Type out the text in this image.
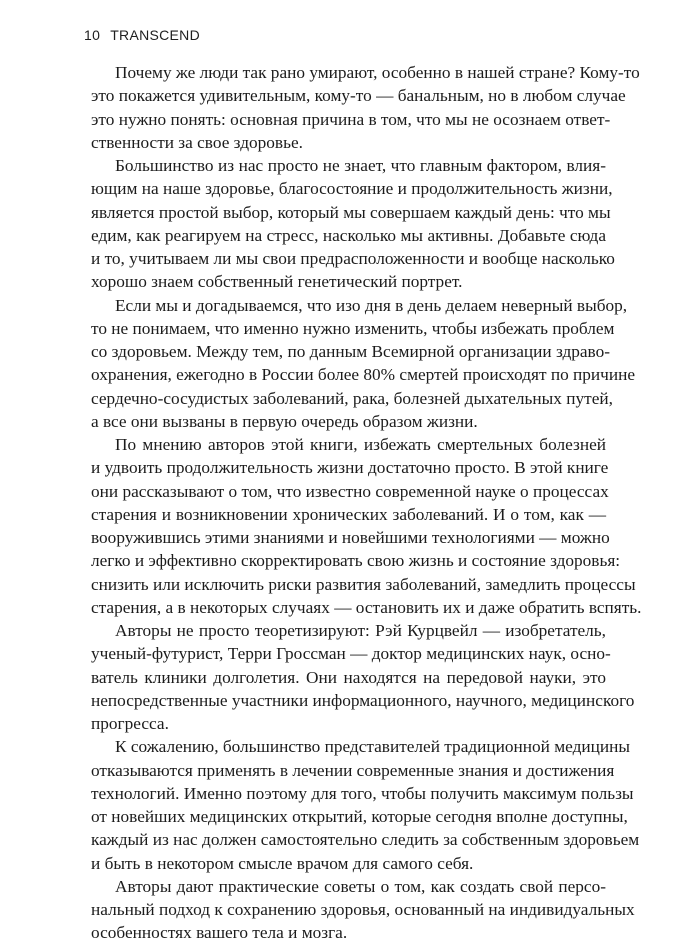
10 TRANSCEND

Почему же люди так рано умирают, особенно в нашей стране? Кому-то
это покажется удивительным, кому-то — банальным, но в любом случае
это нужно понять: основная причина в том, что мы не осознаем ответ-
ственности за свое здоровье.

Большинство из нас просто не знает, что главным фактором, влия-
ющим на наше здоровье, благосостояние и продолжительность жизни,
является простой выбор, который мы совершаем каждый день: что мы
едим, как реагируем на стресс, насколько мы активны. Добавьте сюда
и то, учитываем ли мы свои предрасположенности и вообще насколько
хорошо знаем собственный генетический портрет.

Если мы и догадываемся, что изо дня в день делаем неверный выбор,
то не понимаем, что именно нужно изменить, чтобы избежать проблем
со здоровьем. Между тем, по данным Всемирной организации здраво-
охранения, ежегодно в России более 80% смертей происходят по причине
сердечно-сосудистых заболеваний, рака, болезней дыхательных путей,
а все они вызваны в первую очередь образом жизни.

По мнению авторов этой книги, избежать смертельных болезней
и удвоить продолжительность жизни достаточно просто. В этой книге
они рассказывают о том, что известно современной науке о процессах
старения и возникновении хронических заболеваний. И о том, как —
вооружившись этими знаниями и новейшими технологиями — можно
легко и эффективно скорректировать свою жизнь и состояние здоровья:
снизить или исключить риски развития заболеваний, замедлить процессы
старения, а в некоторых случаях — остановить их и даже обратить вспять.

Авторы не просто теоретизируют: Рэй Курцвейл — изобретатель,
ученый-футурист, Терри Гроссман — доктор медицинских наук, осно-
ватель клиники долголетия. Они находятся на передовой науки, это
непосредственные участники информационного, научного, медицинского
прогресса.

К сожалению, большинство представителей традиционной медицины
отказываются применять в лечении современные знания и достижения
технологий. Именно поэтому для того, чтобы получить максимум пользы
от новейших медицинских открытий, которые сегодня вполне доступны,
каждый из нас должен самостоятельно следить за собственным здоровьем
и быть в некотором смысле врачом для самого себя.

Авторы дают практические советы о том, как создать свой персо-
нальный подход к сохранению здоровья, основанный на индивидуальных
особенностях вашего тела и мозга.
